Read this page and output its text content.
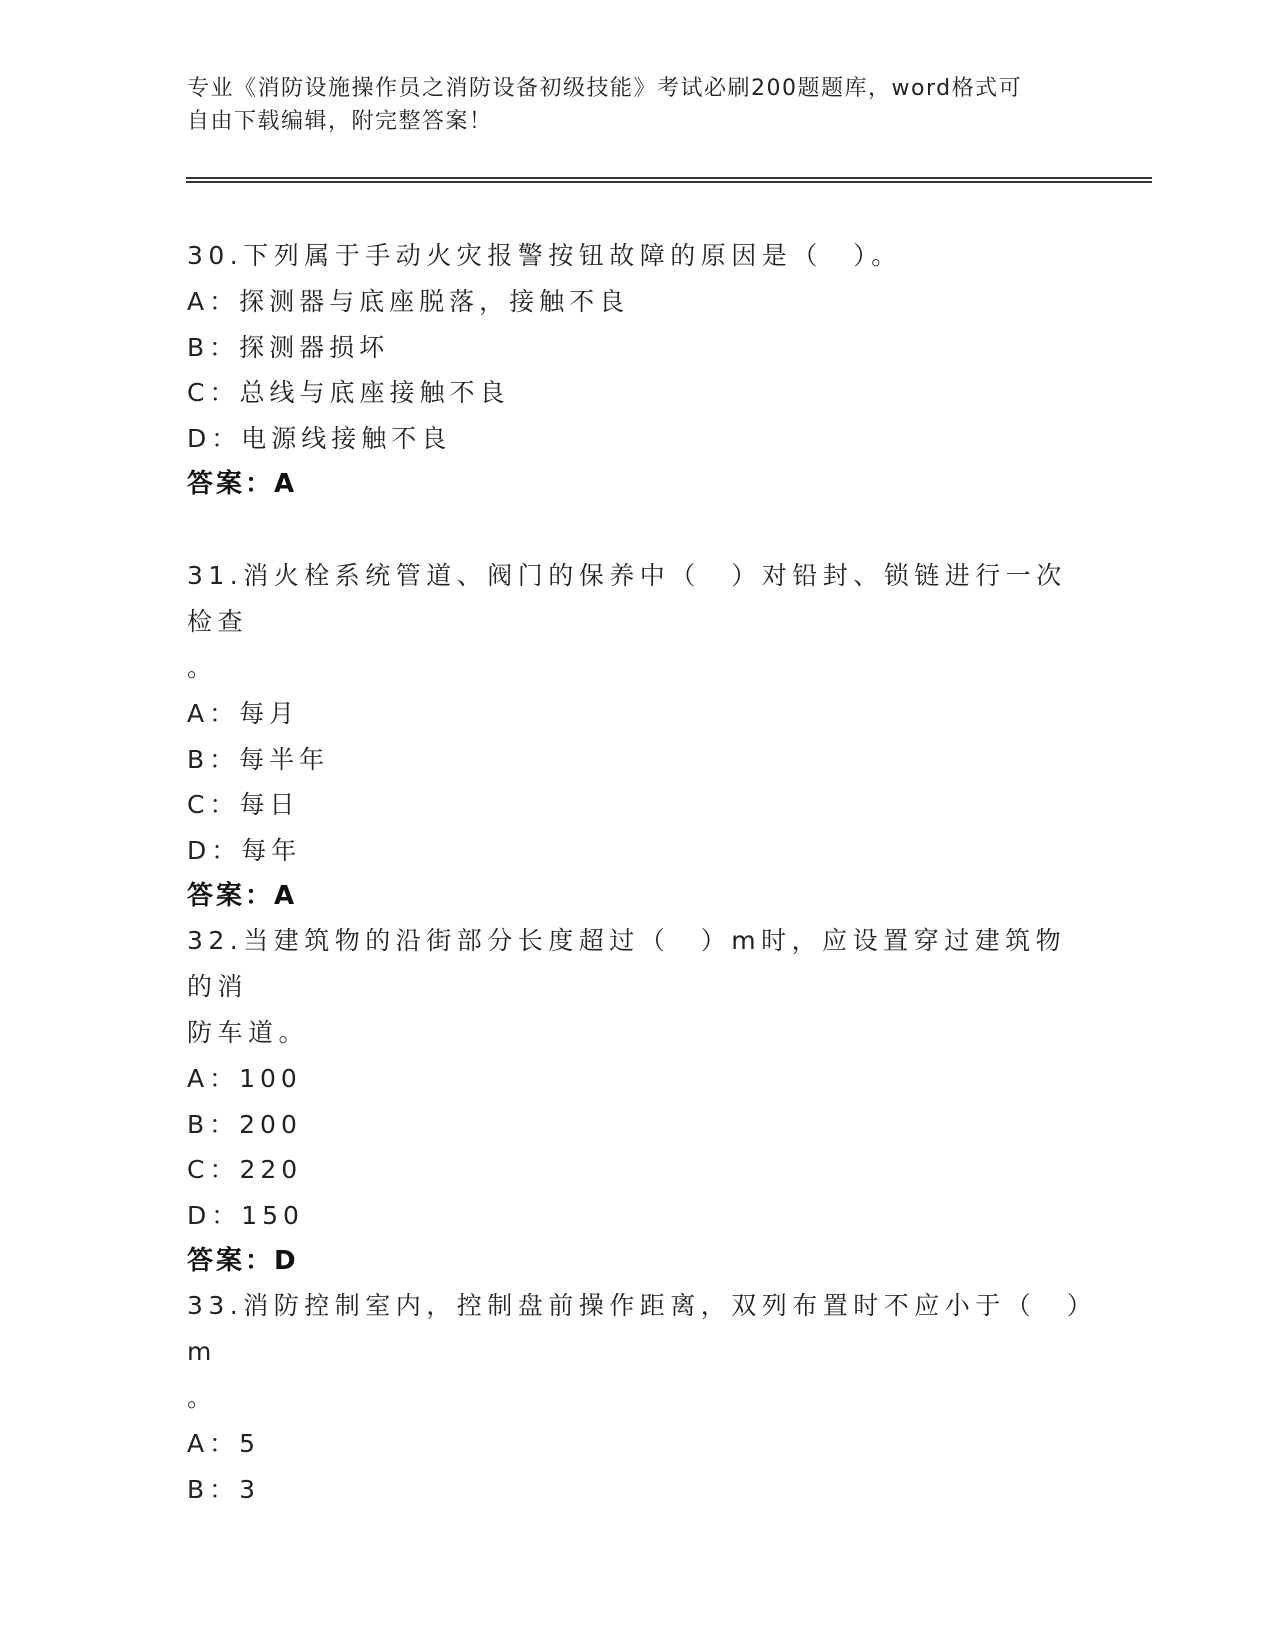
专业《消防设施操作员之消防设备初级技能》考试必刷200题题库，word格式可
自由下载编辑，附完整答案！
30.下列属于手动火灾报警按钮故障的原因是（　）。
A：探测器与底座脱落，接触不良
B：探测器损坏
C：总线与底座接触不良
D：电源线接触不良
答案：A
31.消火栓系统管道、阀门的保养中（　）对铅封、锁链进行一次检查
。
A：每月
B：每半年
C：每日
D：每年
答案：A
32.当建筑物的沿街部分长度超过（　）m时，应设置穿过建筑物的消
防车道。
A：100
B：200
C：220
D：150
答案：D
33.消防控制室内，控制盘前操作距离，双列布置时不应小于（　）m
。
A：5
B：3
